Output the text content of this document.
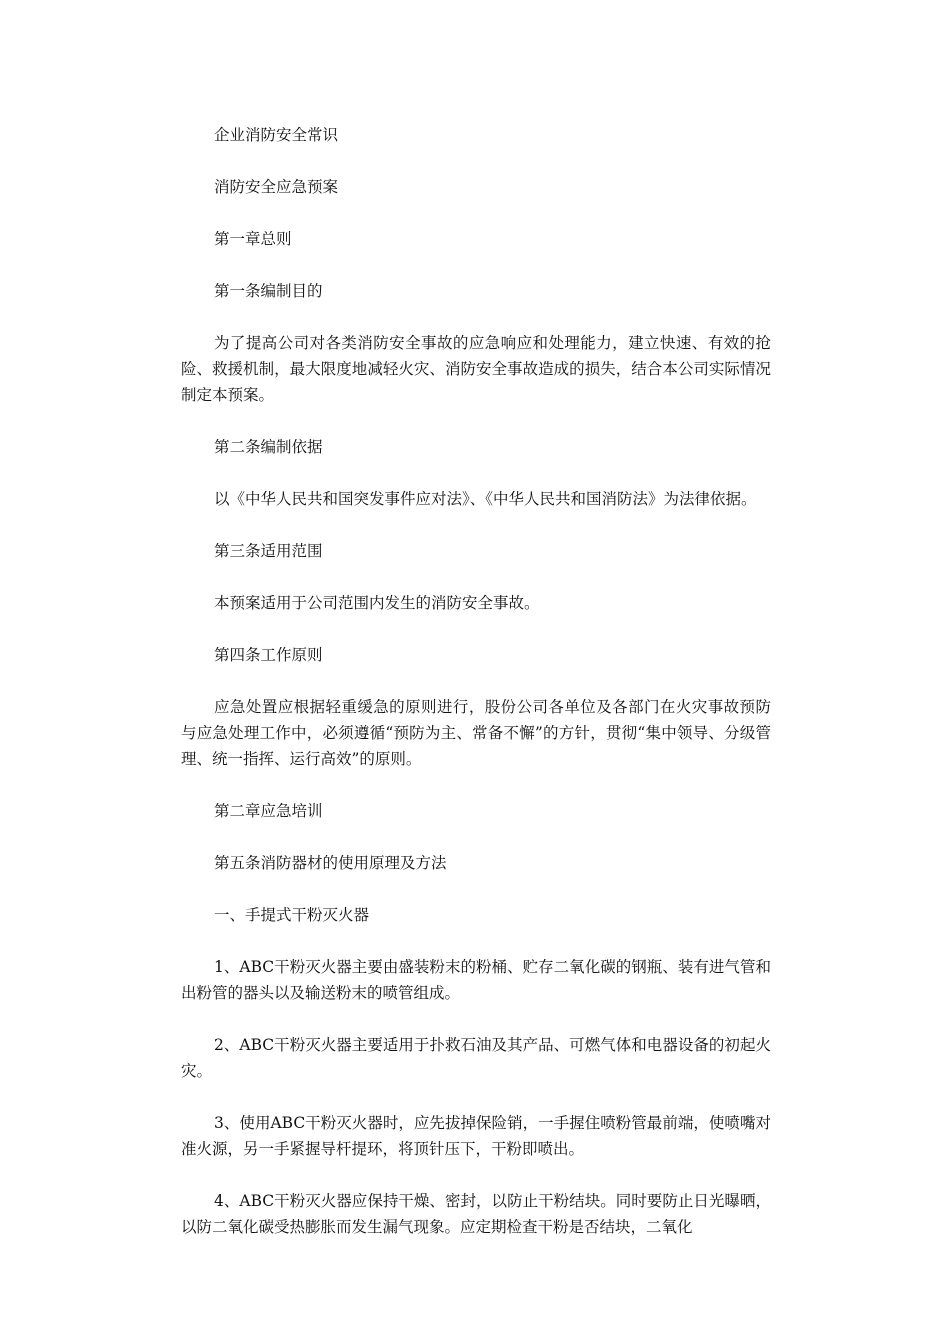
企业消防安全常识

消防安全应急预案

第一章总则

第一条编制目的

为了提高公司对各类消防安全事故的应急响应和处理能力，建立快速、有效的抢险、救援机制，最大限度地减轻火灾、消防安全事故造成的损失，结合本公司实际情况制定本预案。

第二条编制依据

以《中华人民共和国突发事件应对法》、《中华人民共和国消防法》为法律依据。

第三条适用范围

本预案适用于公司范围内发生的消防安全事故。

第四条工作原则

应急处置应根据轻重缓急的原则进行，股份公司各单位及各部门在火灾事故预防与应急处理工作中，必须遵循“预防为主、常备不懈”的方针，贯彻“集中领导、分级管理、统一指挥、运行高效”的原则。

第二章应急培训

第五条消防器材的使用原理及方法

一、手提式干粉灭火器

1、ABC干粉灭火器主要由盛装粉末的粉桶、贮存二氧化碳的钢瓶、装有进气管和出粉管的器头以及输送粉末的喷管组成。

2、ABC干粉灭火器主要适用于扑救石油及其产品、可燃气体和电器设备的初起火灾。

3、使用ABC干粉灭火器时，应先拔掉保险销，一手握住喷粉管最前端，使喷嘴对准火源，另一手紧握导杆提环，将顶针压下，干粉即喷出。

4、ABC干粉灭火器应保持干燥、密封，以防止干粉结块。同时要防止日光曝晒，以防二氧化碳受热膨胀而发生漏气现象。应定期检查干粉是否结块，二氧化
